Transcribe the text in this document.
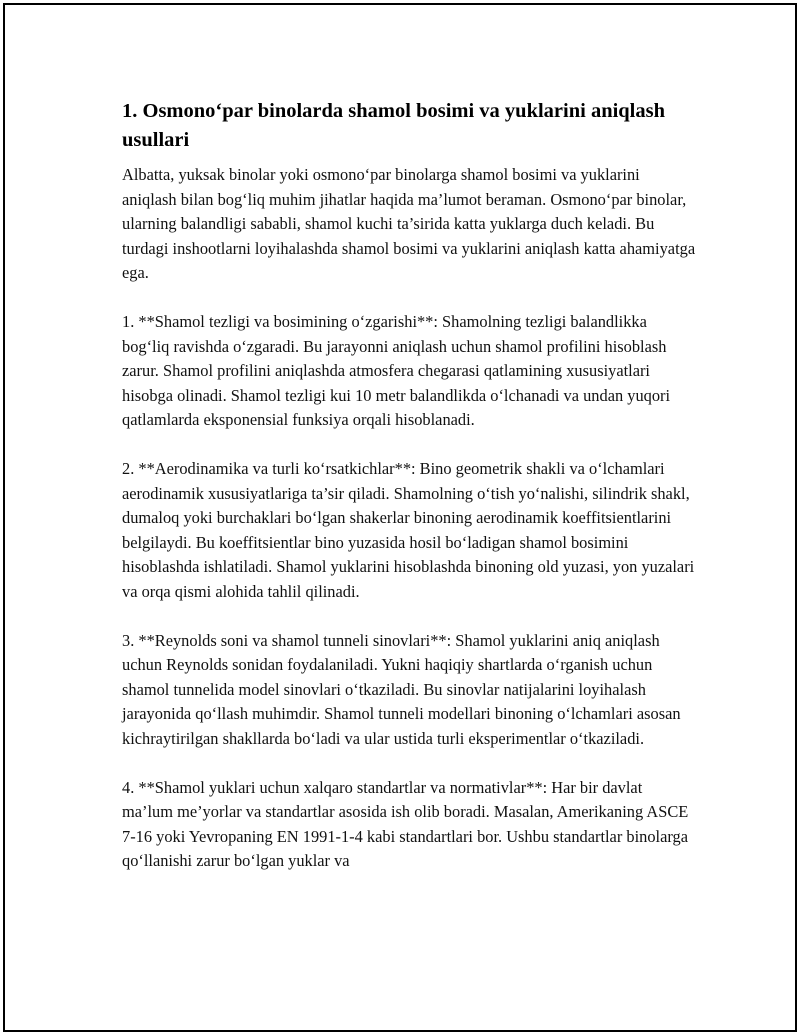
1. Osmono‘par binolarda shamol bosimi va yuklarini aniqlash usullari

Albatta, yuksak binolar yoki osmono‘par binolarga shamol bosimi va yuklarini aniqlash bilan bog‘liq muhim jihatlar haqida ma’lumot beraman. Osmono‘par binolar, ularning balandligi sababli, shamol kuchi ta’sirida katta yuklarga duch keladi. Bu turdagi inshootlarni loyihalashda shamol bosimi va yuklarini aniqlash katta ahamiyatga ega.

1. **Shamol tezligi va bosimining o‘zgarishi**: Shamolning tezligi balandlikka bog‘liq ravishda o‘zgaradi. Bu jarayonni aniqlash uchun shamol profilini hisoblash zarur. Shamol profilini aniqlashda atmosfera chegarasi qatlamining xususiyatlari hisobga olinadi. Shamol tezligi kui 10 metr balandlikda o‘lchanadi va undan yuqori qatlamlarda eksponensial funksiya orqali hisoblanadi.

2. **Aerodinamika va turli ko‘rsatkichlar**: Bino geometrik shakli va o‘lchamlari aerodinamik xususiyatlariga ta’sir qiladi. Shamolning o‘tish yo‘nalishi, silindrik shakl, dumaloq yoki burchaklari bo‘lgan shakerlar binoning aerodinamik koeffitsientlarini belgilaydi. Bu koeffitsientlar bino yuzasida hosil bo‘ladigan shamol bosimini hisoblashda ishlatiladi. Shamol yuklarini hisoblashda binoning old yuzasi, yon yuzalari va orqa qismi alohida tahlil qilinadi.

3. **Reynolds soni va shamol tunneli sinovlari**: Shamol yuklarini aniq aniqlash uchun Reynolds sonidan foydalaniladi. Yukni haqiqiy shartlarda o‘rganish uchun shamol tunnelida model sinovlari o‘tkaziladi. Bu sinovlar natijalarini loyihalash jarayonida qo‘llash muhimdir. Shamol tunneli modellari binoning o‘lchamlari asosan kichraytirilgan shakllarda bo‘ladi va ular ustida turli eksperimentlar o‘tkaziladi.

4. **Shamol yuklari uchun xalqaro standartlar va normativlar**: Har bir davlat ma’lum me’yorlar va standartlar asosida ish olib boradi. Masalan, Amerikaning ASCE 7-16 yoki Yevropaning EN 1991-1-4 kabi standartlari bor. Ushbu standartlar binolarga qo‘llanishi zarur bo‘lgan yuklar va
